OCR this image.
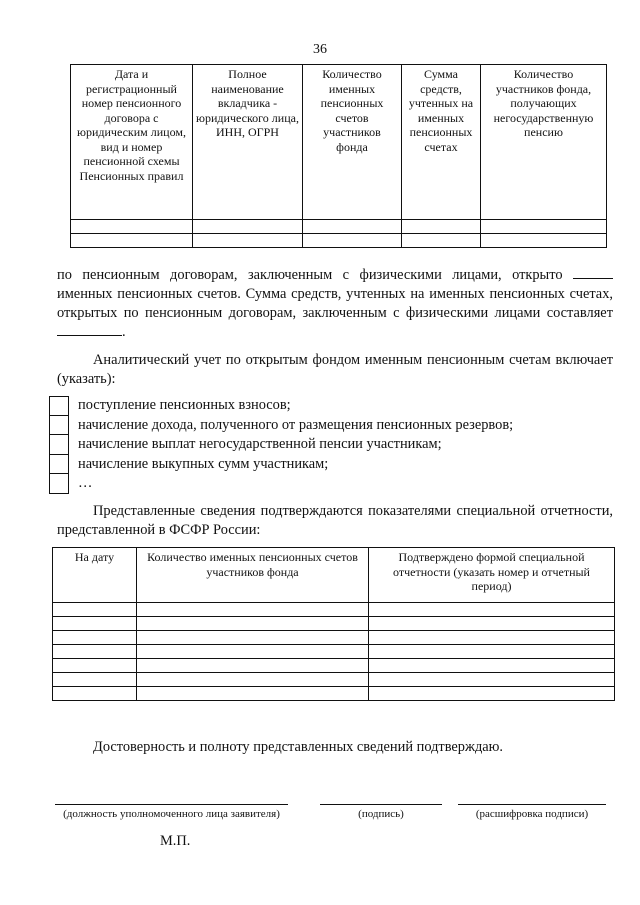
36
Дата и регистрационный номер пенсионного договора с юридическим лицом, вид и номер пенсионной схемы Пенсионных правил	Полное наименование вкладчика - юридического лица, ИНН, ОГРН	Количество именных пенсионных счетов участников фонда	Сумма средств, учтенных на именных пенсионных счетах	Количество участников фонда, получающих негосударственную пенсию

по пенсионным договорам, заключенным с физическими лицами, открыто  именных пенсионных счетов. Сумма средств, учтенных на именных пенсионных счетах, открытых по пенсионным договорам, заключенным с физическими лицами составляет .
Аналитический учет по открытым фондом именным пенсионным счетам включает (указать):
поступление пенсионных взносов;
начисление дохода, полученного от размещения пенсионных резервов;
начисление выплат негосударственной пенсии участникам;
начисление выкупных сумм участникам;
…
Представленные сведения подтверждаются показателями специальной отчетности, представленной в ФСФР России:
На дату	Количество именных пенсионных счетов участников фонда	Подтверждено формой специальной отчетности (указать номер и отчетный период)

Достоверность и полноту представленных сведений подтверждаю.
(должность уполномоченного лица заявителя)	(подпись)	(расшифровка подписи)
М.П.
